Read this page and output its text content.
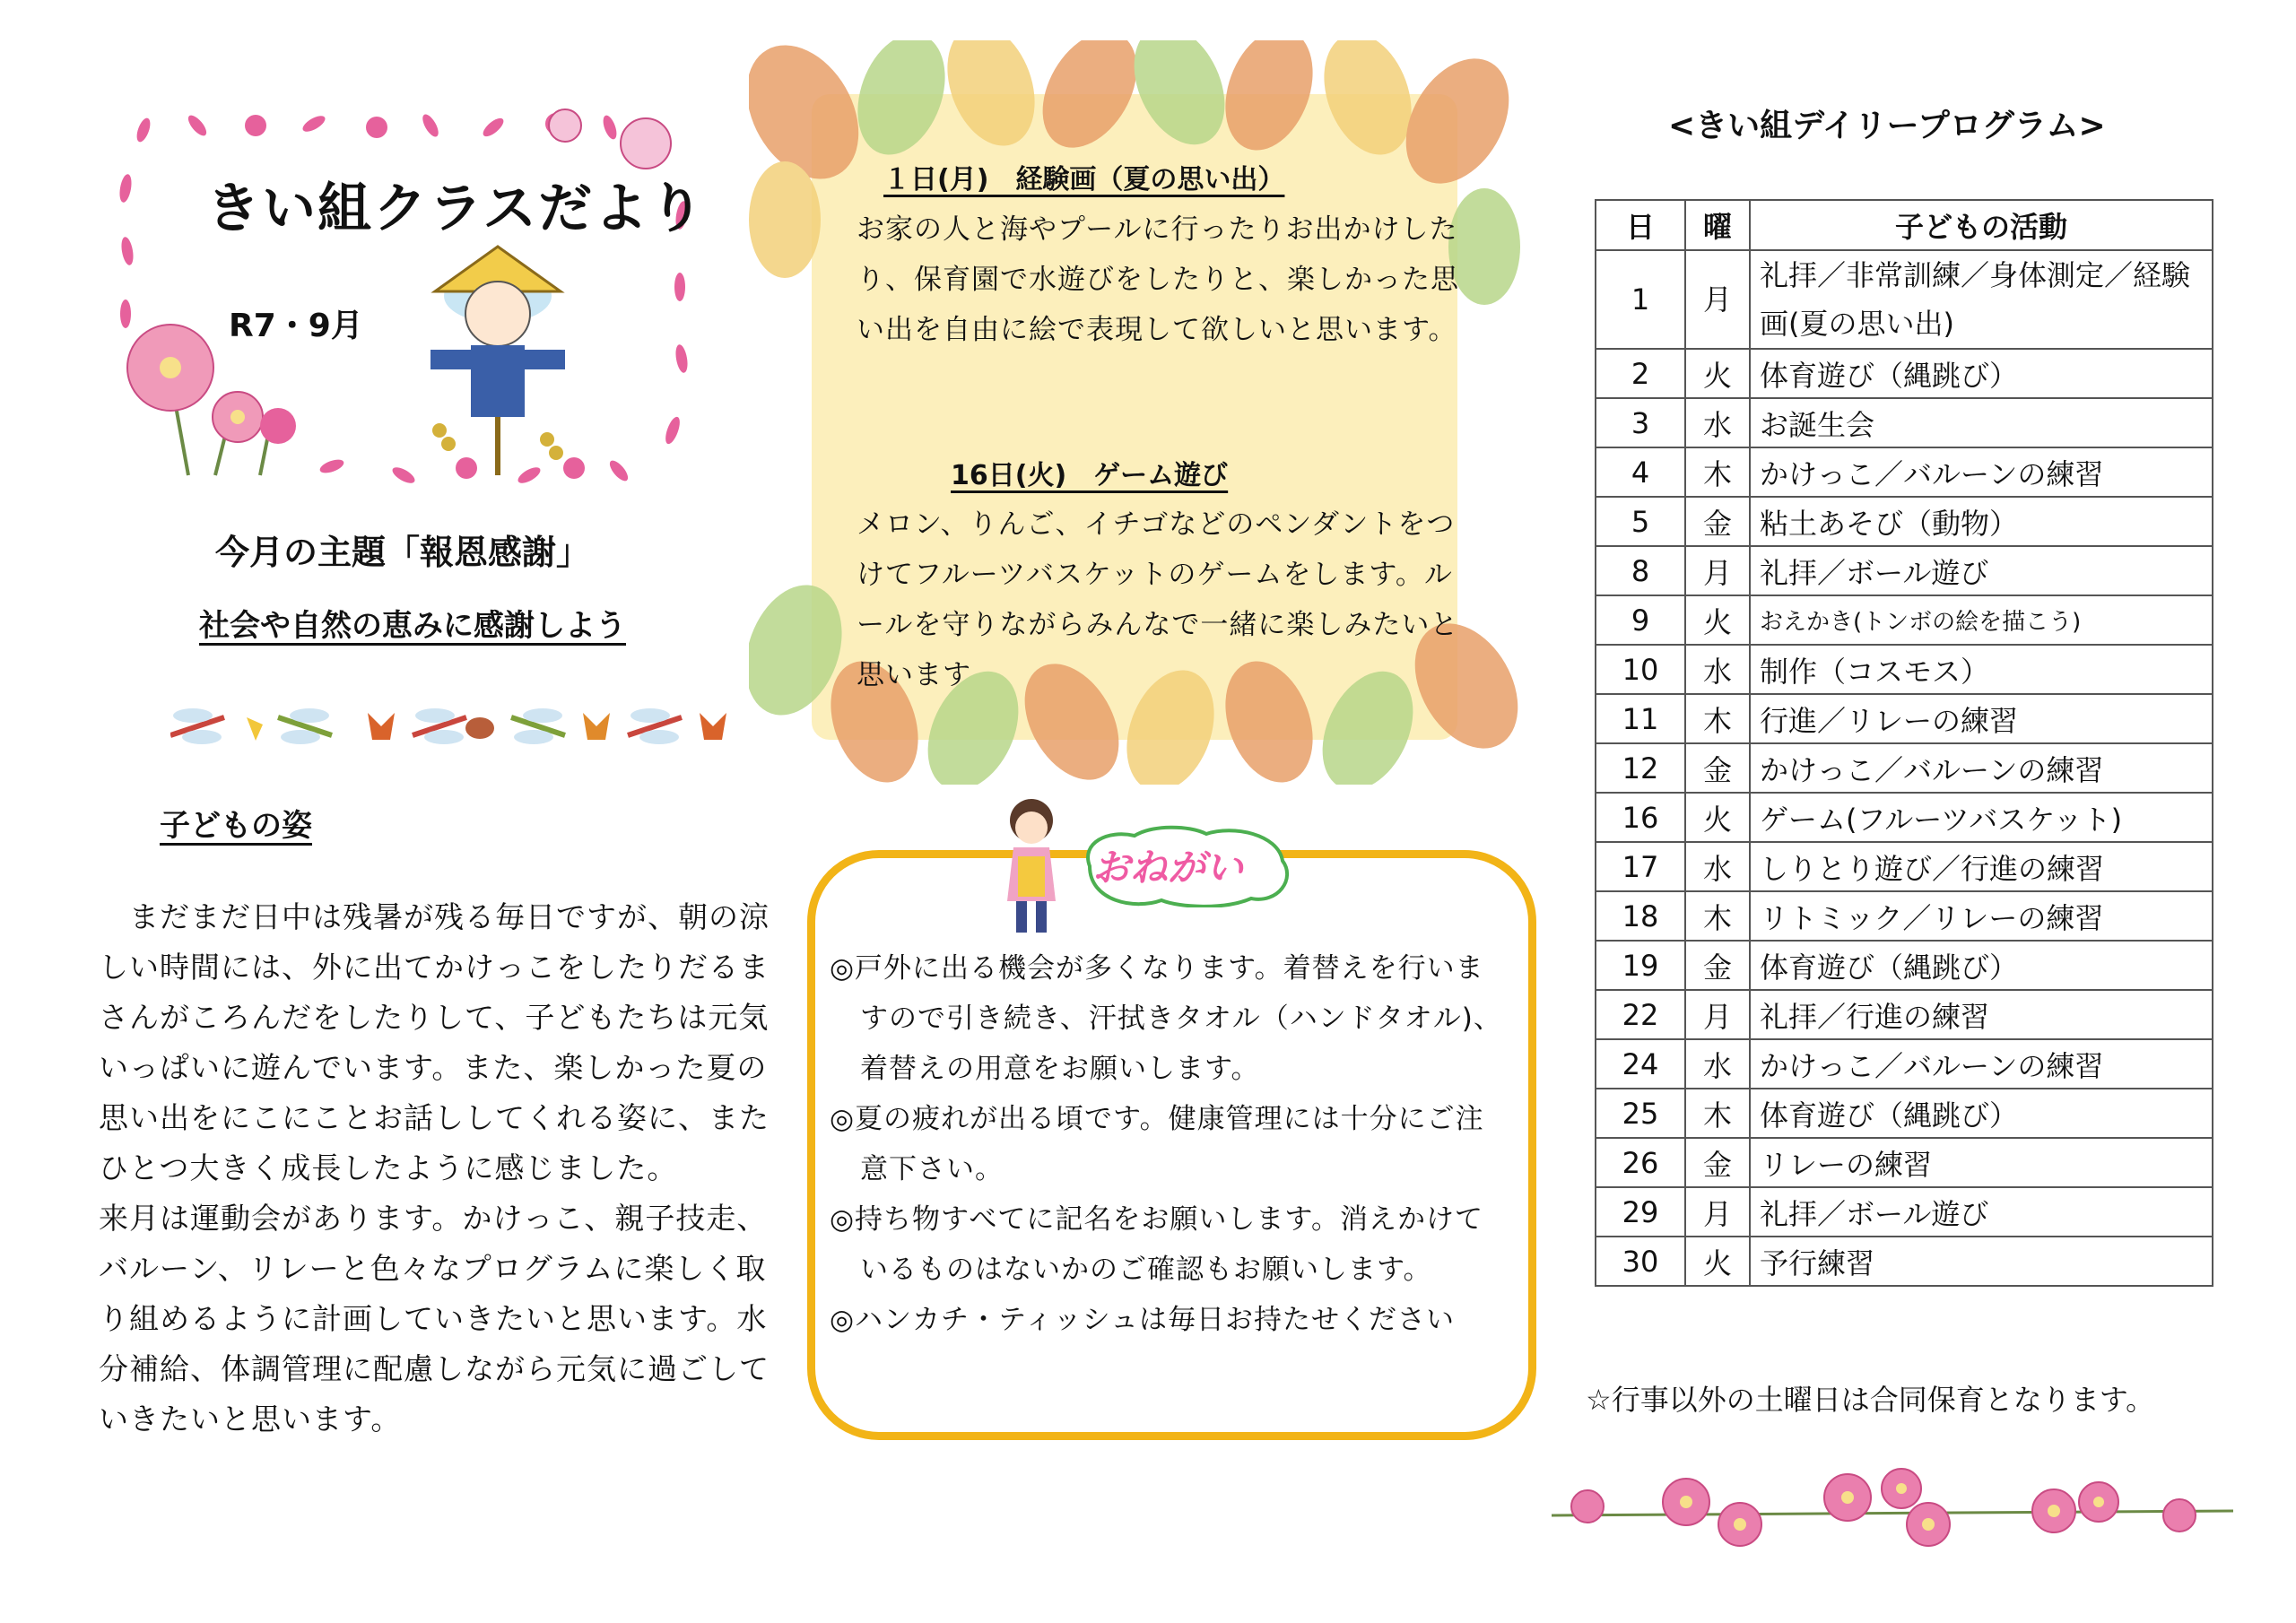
きい組クラスだより
R7・9月
今月の主題「報恩感謝」
社会や自然の恵みに感謝しよう
子どもの姿

　まだまだ日中は残暑が残る毎日ですが、朝の涼しい時間には、外に出てかけっこをしたりだるまさんがころんだをしたりして、子どもたちは元気いっぱいに遊んでいます。また、楽しかった夏の思い出をにこにことお話ししてくれる姿に、またひとつ大きく成長したように感じました。

来月は運動会があります。かけっこ、親子技走、バルーン、リレーと色々なプログラムに楽しく取り組めるように計画していきたいと思います。水分補給、体調管理に配慮しながら元気に過ごしていきたいと思います。

１日(月)　経験画（夏の思い出）
お家の人と海やプールに行ったりお出かけしたり、保育園で水遊びをしたりと、楽しかった思い出を自由に絵で表現して欲しいと思います。
16日(火)　ゲーム遊び
メロン、りんご、イチゴなどのペンダントをつけてフルーツバスケットのゲームをします。ルールを守りながらみんなで一緒に楽しみたいと思います
おねがい
◎戸外に出る機会が多くなります。着替えを行いますので引き続き、汗拭きタオル（ハンドタオル)、着替えの用意をお願いします。
◎夏の疲れが出る頃です。健康管理には十分にご注意下さい。
◎持ち物すべてに記名をお願いします。消えかけているものはないかのご確認もお願いします。
◎ハンカチ・ティッシュは毎日お持たせください
<きい組デイリープログラム>
日	曜	子どもの活動
1	月	礼拝／非常訓練／身体測定／経験画(夏の思い出)
2	火	体育遊び（縄跳び）
3	水	お誕生会
4	木	かけっこ／バルーンの練習
5	金	粘土あそび（動物）
8	月	礼拝／ボール遊び
9	火	おえかき(トンボの絵を描こう)
10	水	制作（コスモス）
11	木	行進／リレーの練習
12	金	かけっこ／バルーンの練習
16	火	ゲーム(フルーツバスケット)
17	水	しりとり遊び／行進の練習
18	木	リトミック／リレーの練習
19	金	体育遊び（縄跳び）
22	月	礼拝／行進の練習
24	水	かけっこ／バルーンの練習
25	木	体育遊び（縄跳び）
26	金	リレーの練習
29	月	礼拝／ボール遊び
30	火	予行練習
☆行事以外の土曜日は合同保育となります。
